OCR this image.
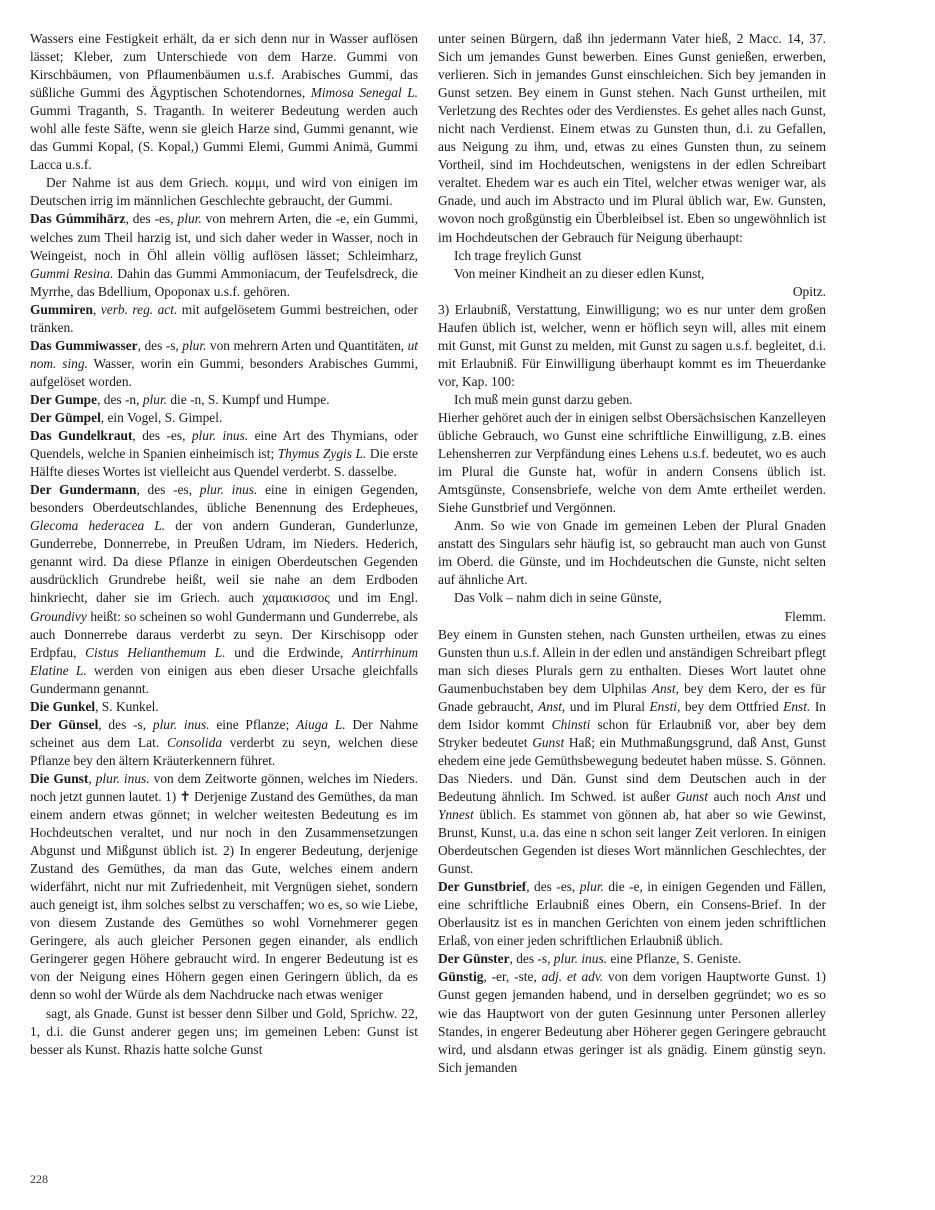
Wassers eine Festigkeit erhält, da er sich denn nur in Wasser auflösen lässet; Kleber, zum Unterschiede von dem Harze. Gummi von Kirschbäumen, von Pflaumenbäumen u.s.f. Arabisches Gummi, das süßliche Gummi des Ägyptischen Schotendornes, Mimosa Senegal L. Gummi Traganth, S. Traganth. In weiterer Bedeutung werden auch wohl alle feste Säfte, wenn sie gleich Harze sind, Gummi genannt, wie das Gummi Kopal, (S. Kopal,) Gummi Elemi, Gummi Animä, Gummi Lacca u.s.f.

Der Nahme ist aus dem Griech. κομμι, und wird von einigen im Deutschen irrig im männlichen Geschlechte gebraucht, der Gummi.

Das Gúmmihārz, des -es, plur. von mehrern Arten, die -e, ein Gummi, welches zum Theil harzig ist, und sich daher weder in Wasser, noch in Weingeist, noch in Öhl allein völlig auflösen lässet; Schleimharz, Gummi Resina. Dahin das Gummi Ammoniacum, der Teufelsdreck, die Myrrhe, das Bdellium, Opoponax u.s.f. gehören.

Gummiren, verb. reg. act. mit aufgelösetem Gummi bestreichen, oder tränken.

Das Gummiwasser, des -s, plur. von mehrern Arten und Quantitäten, ut nom. sing. Wasser, worin ein Gummi, besonders Arabisches Gummi, aufgelöset worden.

Der Gumpe, des -n, plur. die -n, S. Kumpf und Humpe.

Der Gümpel, ein Vogel, S. Gimpel.

Das Gundelkraut, des -es, plur. inus. eine Art des Thymians, oder Quendels, welche in Spanien einheimisch ist; Thymus Zygis L. Die erste Hälfte dieses Wortes ist vielleicht aus Quendel verderbt. S. dasselbe.

Der Gundermann, des -es, plur. inus. eine in einigen Gegenden, besonders Oberdeutschlandes, übliche Benennung des Erdepheues, Glecoma hederacea L. der von andern Gunderan, Gunderlunze, Gunderrebe, Donnerrebe, in Preußen Udram, im Nieders. Hederich, genannt wird. Da diese Pflanze in einigen Oberdeutschen Gegenden ausdrücklich Grundrebe heißt, weil sie nahe an dem Erdboden hinkriecht, daher sie im Griech. auch χαμαικισσος und im Engl. Groundivy heißt: so scheinen so wohl Gundermann und Gunderrebe, als auch Donnerrebe daraus verderbt zu seyn. Der Kirschisopp oder Erdpfau, Cistus Helianthemum L. und die Erdwinde, Antirrhinum Elatine L. werden von einigen aus eben dieser Ursache gleichfalls Gundermann genannt.

Die Gunkel, S. Kunkel.

Der Günsel, des -s, plur. inus. eine Pflanze; Aiuga L. Der Nahme scheinet aus dem Lat. Consolida verderbt zu seyn, welchen diese Pflanze bey den ältern Kräuterkennern führet.

Die Gunst, plur. inus. von dem Zeitworte gönnen, welches im Nieders. noch jetzt gunnen lautet. 1) ✝ Derjenige Zustand des Gemüthes, da man einem andern etwas gönnet; in welcher weitesten Bedeutung es im Hochdeutschen veraltet, und nur noch in den Zusammensetzungen Abgunst und Mißgunst üblich ist. 2) In engerer Bedeutung, derjenige Zustand des Gemüthes, da man das Gute, welches einem andern widerfährt, nicht nur mit Zufriedenheit, mit Vergnügen siehet, sondern auch geneigt ist, ihm solches selbst zu verschaffen; wo es, so wie Liebe, von diesem Zustande des Gemüthes so wohl Vornehmerer gegen Geringere, als auch gleicher Personen gegen einander, als endlich Geringerer gegen Höhere gebraucht wird. In engerer Bedeutung ist es von der Neigung eines Höhern gegen einen Geringern üblich, da es denn so wohl der Würde als dem Nachdrucke nach etwas weniger

sagt, als Gnade. Gunst ist besser denn Silber und Gold, Sprichw. 22, 1, d.i. die Gunst anderer gegen uns; im gemeinen Leben: Gunst ist besser als Kunst. Rhazis hatte solche Gunst

unter seinen Bürgern, daß ihn jedermann Vater hieß, 2 Macc. 14, 37. Sich um jemandes Gunst bewerben. Eines Gunst genießen, erwerben, verlieren. Sich in jemandes Gunst einschleichen. Sich bey jemanden in Gunst setzen. Bey einem in Gunst stehen. Nach Gunst urtheilen, mit Verletzung des Rechtes oder des Verdienstes. Es gehet alles nach Gunst, nicht nach Verdienst. Einem etwas zu Gunsten thun, d.i. zu Gefallen, aus Neigung zu ihm, und, etwas zu eines Gunsten thun, zu seinem Vortheil, sind im Hochdeutschen, wenigstens in der edlen Schreibart veraltet. Ehedem war es auch ein Titel, welcher etwas weniger war, als Gnade, und auch im Abstracto und im Plural üblich war, Ew. Gunsten, wovon noch großgünstig ein Überbleibsel ist. Eben so ungewöhnlich ist im Hochdeutschen der Gebrauch für Neigung überhaupt:

Ich trage freylich Gunst

Von meiner Kindheit an zu dieser edlen Kunst,

Opitz.

3) Erlaubniß, Verstattung, Einwilligung; wo es nur unter dem großen Haufen üblich ist, welcher, wenn er höflich seyn will, alles mit einem mit Gunst, mit Gunst zu melden, mit Gunst zu sagen u.s.f. begleitet, d.i. mit Erlaubniß. Für Einwilligung überhaupt kommt es im Theuerdanke vor, Kap. 100:

Ich muß mein gunst darzu geben.

Hierher gehöret auch der in einigen selbst Obersächsischen Kanzelleyen übliche Gebrauch, wo Gunst eine schriftliche Einwilligung, z.B. eines Lehensherren zur Verpfändung eines Lehens u.s.f. bedeutet, wo es auch im Plural die Gunste hat, wofür in andern Consens üblich ist. Amtsgünste, Consensbriefe, welche von dem Amte ertheilet werden. Siehe Gunstbrief und Vergönnen.

Anm. So wie von Gnade im gemeinen Leben der Plural Gnaden anstatt des Singulars sehr häufig ist, so gebraucht man auch von Gunst im Oberd. die Günste, und im Hochdeutschen die Gunste, nicht selten auf ähnliche Art.

Das Volk – nahm dich in seine Günste,

Flemm.

Bey einem in Gunsten stehen, nach Gunsten urtheilen, etwas zu eines Gunsten thun u.s.f. Allein in der edlen und anständigen Schreibart pflegt man sich dieses Plurals gern zu enthalten. Dieses Wort lautet ohne Gaumenbuchstaben bey dem Ulphilas Anst, bey dem Kero, der es für Gnade gebraucht, Anst, und im Plural Ensti, bey dem Ottfried Enst. In dem Isidor kommt Chinsti schon für Erlaubniß vor, aber bey dem Stryker bedeutet Gunst Haß; ein Muthmaßungsgrund, daß Anst, Gunst ehedem eine jede Gemüthsbewegung bedeutet haben müsse. S. Gönnen. Das Nieders. und Dän. Gunst sind dem Deutschen auch in der Bedeutung ähnlich. Im Schwed. ist außer Gunst auch noch Anst und Ynnest üblich. Es stammet von gönnen ab, hat aber so wie Gewinst, Brunst, Kunst, u.a. das eine n schon seit langer Zeit verloren. In einigen Oberdeutschen Gegenden ist dieses Wort männlichen Geschlechtes, der Gunst.

Der Gunstbrief, des -es, plur. die -e, in einigen Gegenden und Fällen, eine schriftliche Erlaubniß eines Obern, ein Consens-Brief. In der Oberlausitz ist es in manchen Gerichten von einem jeden schriftlichen Erlaß, von einer jeden schriftlichen Erlaubniß üblich.

Der Günster, des -s, plur. inus. eine Pflanze, S. Geniste.

Günstig, -er, -ste, adj. et adv. von dem vorigen Hauptworte Gunst. 1) Gunst gegen jemanden habend, und in derselben gegründet; wo es so wie das Hauptwort von der guten Gesinnung unter Personen allerley Standes, in engerer Bedeutung aber Höherer gegen Geringere gebraucht wird, und alsdann etwas geringer ist als gnädig. Einem günstig seyn. Sich jemanden

228
